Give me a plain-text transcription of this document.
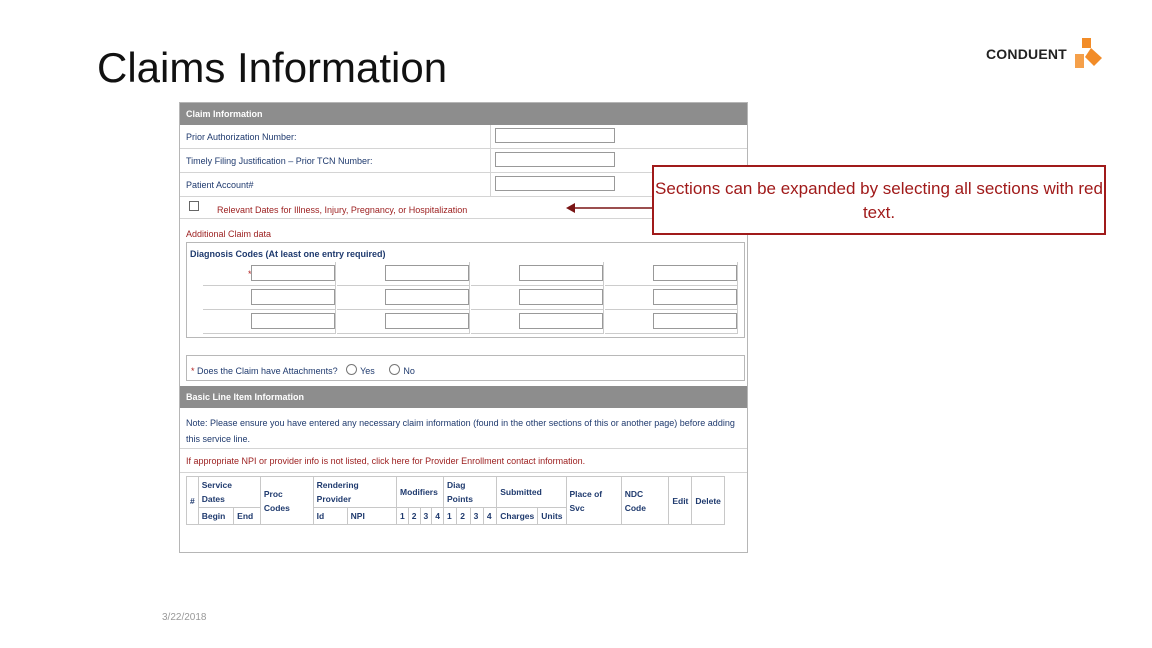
Claims Information	CONDUENT
Claim Information
Prior Authorization Number:
Timely Filing Justification – Prior TCN Number:
Patient Account#
Relevant Dates for Illness, Injury, Pregnancy, or Hospitalization
Additional Claim data
Diagnosis Codes (At least one entry required)
*
* Does the Claim have Attachments?	Yes	No
Basic Line Item Information
Note: Please ensure you have entered any necessary claim information (found in the other sections of this or another page) before adding this service line.
If appropriate NPI or provider info is not listed, click here for Provider Enrollment contact information.
#	Service Dates		Proc Codes	Rendering Provider		Modifiers				Diag Points				Submitted		Place of Svc	NDC Code	Edit	Delete
	Begin	End		Id	NPI	1	2	3	4	1	2	3	4	Charges	Units				
Sections can be expanded by selecting all sections with red text.
3/22/2018
